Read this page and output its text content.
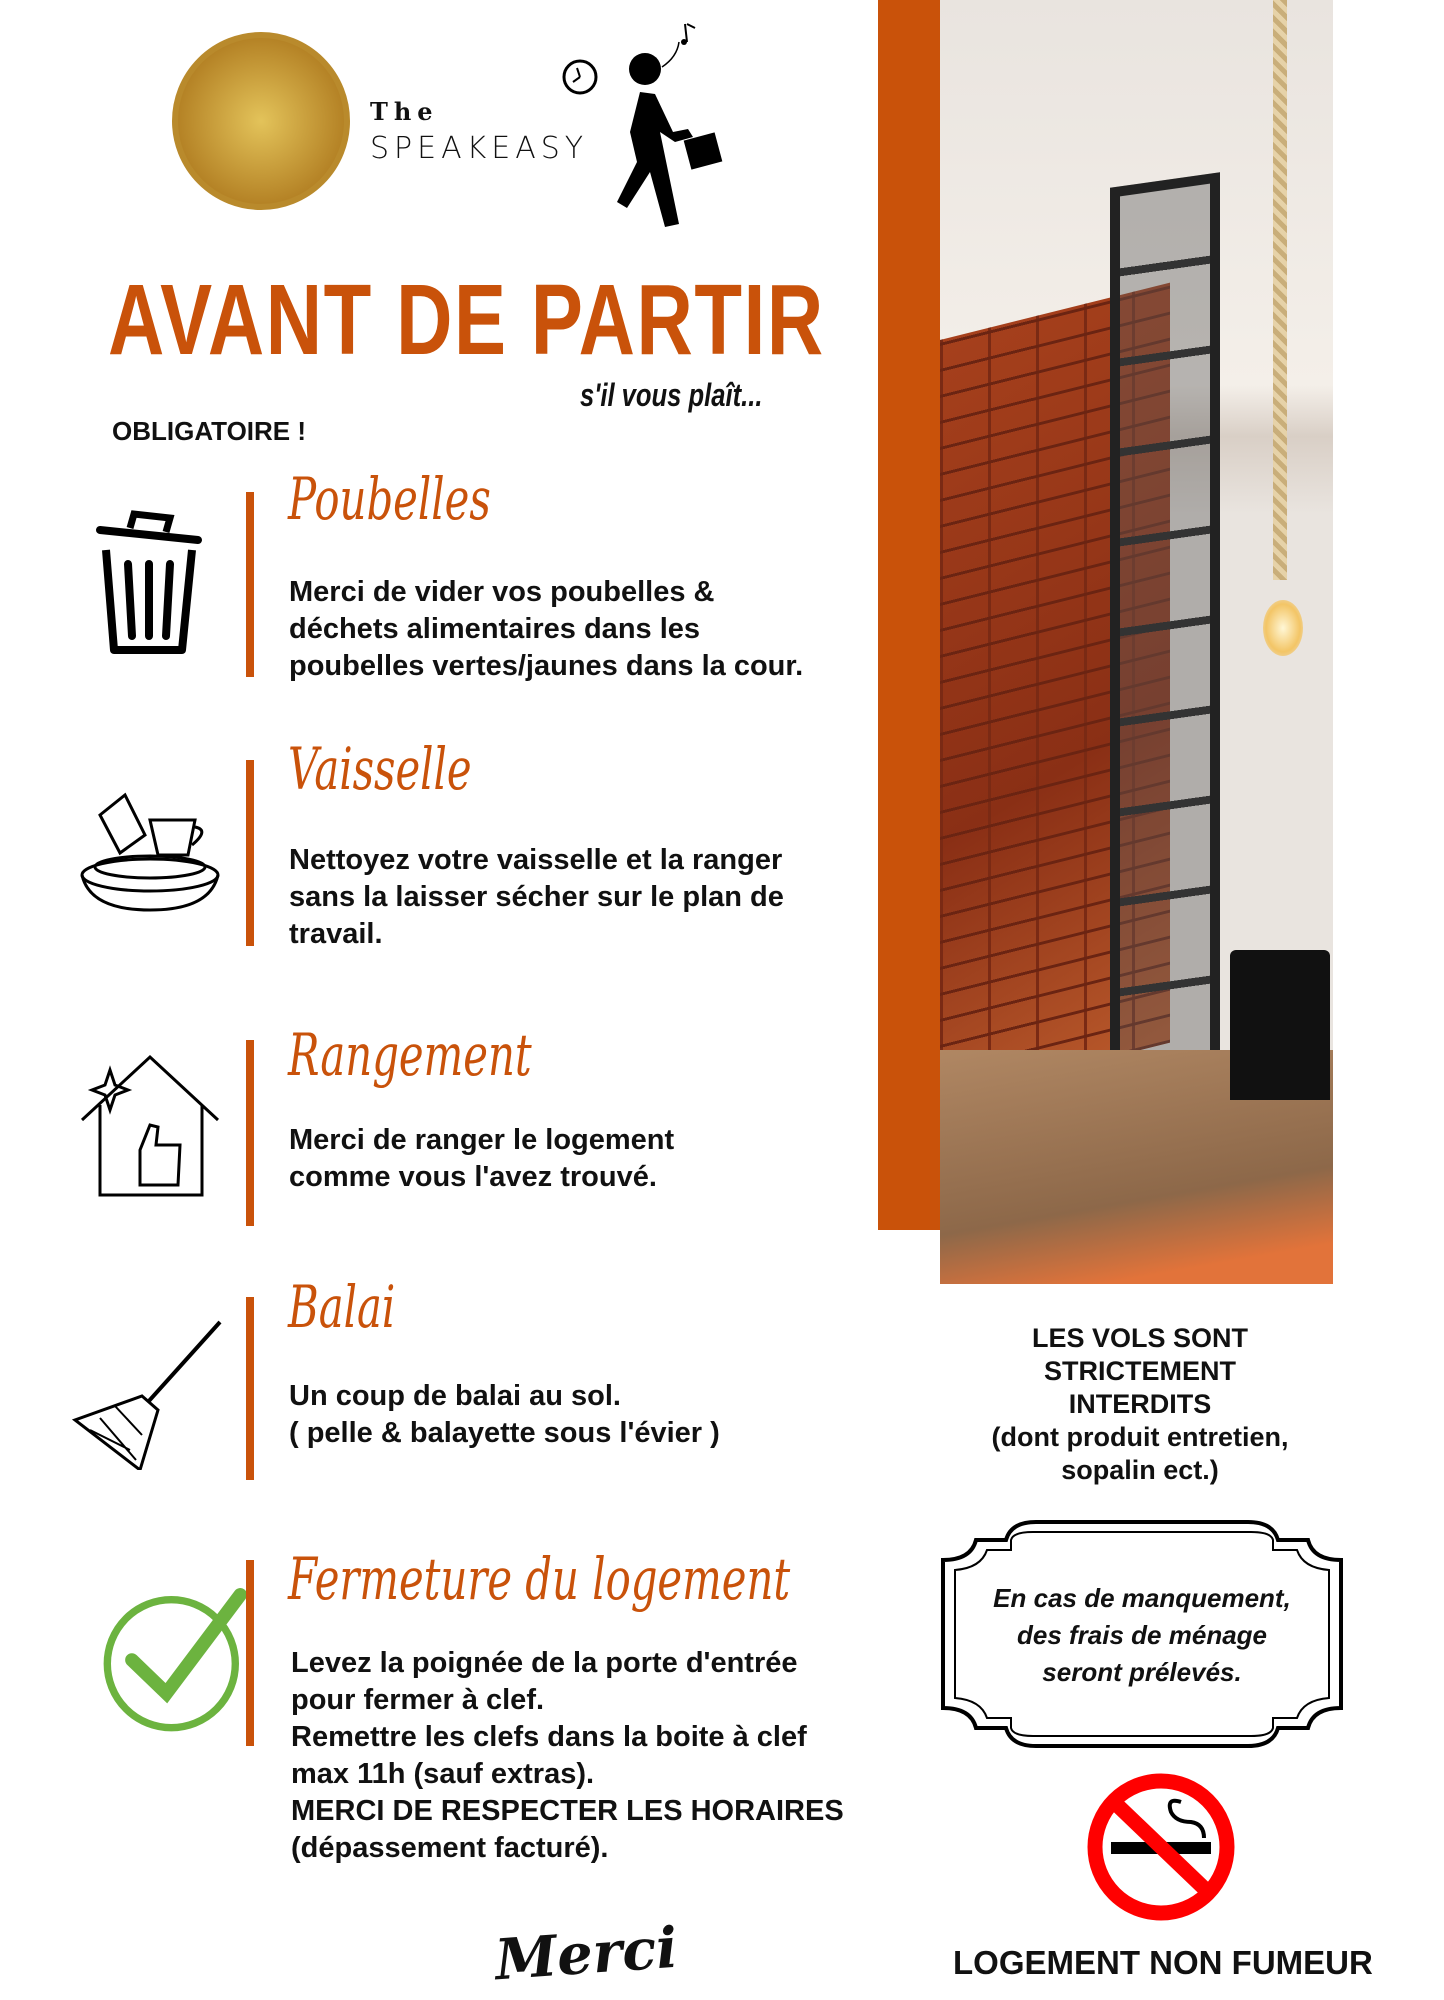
The
SPEAKEASY
AVANT DE PARTIR
s'il vous plaît...
OBLIGATOIRE !
Poubelles
Merci de vider vos poubelles &
déchets alimentaires dans les
poubelles vertes/jaunes dans la cour.
Vaisselle
Nettoyez votre vaisselle et la ranger
sans la laisser sécher sur le plan de
travail.
Rangement
Merci de ranger le logement
comme vous l'avez trouvé.
Balai
Un coup de balai au sol.
( pelle & balayette sous l'évier )
Fermeture du logement
Levez la poignée de la porte d'entrée
pour fermer à clef.
Remettre les clefs dans la boite à clef
max 11h (sauf extras).
MERCI DE RESPECTER LES HORAIRES
(dépassement facturé).
LES VOLS SONT
STRICTEMENT
INTERDITS
(dont produit entretien,
sopalin ect.)
En cas de manquement,
des frais de ménage
seront prélevés.
LOGEMENT NON FUMEUR
Merci
